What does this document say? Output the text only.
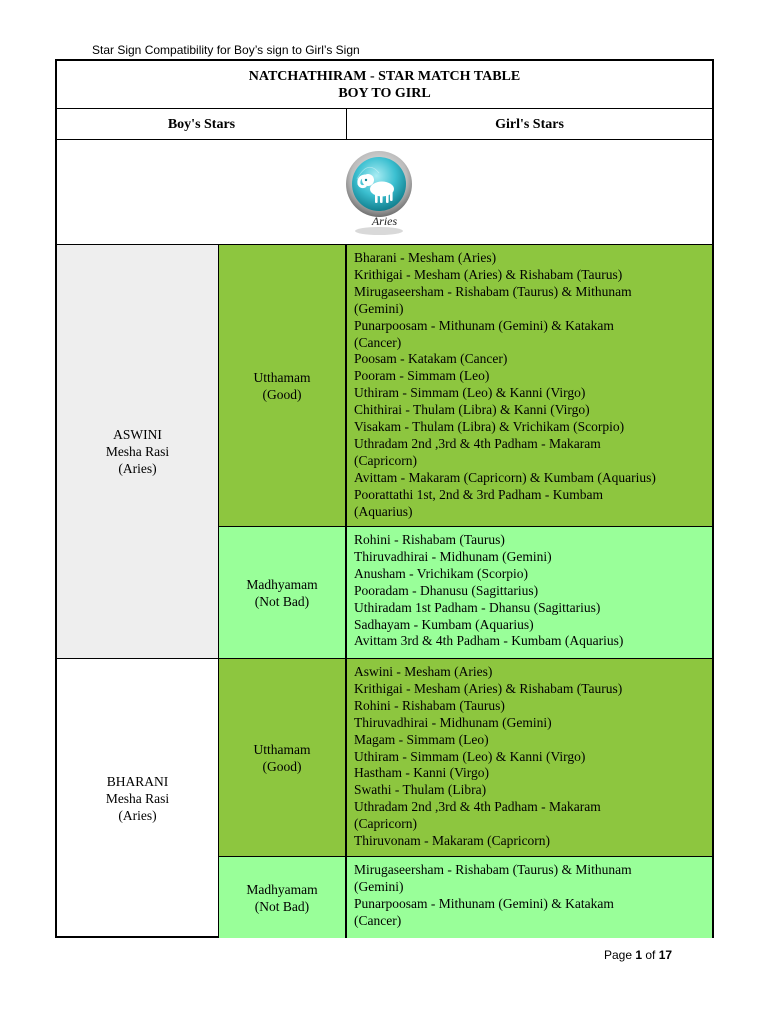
Star Sign Compatibility for Boy’s sign to Girl’s Sign
NATCHATHIRAM - STAR MATCH TABLE
BOY TO GIRL
Boy's Stars	Girl's Stars
Aries
ASWINI
Mesha Rasi
(Aries)
Utthamam
(Good)
Bharani - Mesham (Aries)
Krithigai - Mesham (Aries) & Rishabam (Taurus)
Mirugaseersham - Rishabam (Taurus) & Mithunam
(Gemini)
Punarpoosam - Mithunam (Gemini) & Katakam
(Cancer)
Poosam - Katakam (Cancer)
Pooram - Simmam (Leo)
Uthiram - Simmam (Leo) & Kanni (Virgo)
Chithirai - Thulam (Libra) & Kanni (Virgo)
Visakam - Thulam (Libra) & Vrichikam (Scorpio)
Uthradam 2nd ,3rd & 4th Padham - Makaram
(Capricorn)
Avittam - Makaram (Capricorn) & Kumbam (Aquarius)
Poorattathi 1st, 2nd & 3rd Padham - Kumbam
(Aquarius)
Madhyamam
(Not Bad)
Rohini - Rishabam (Taurus)
Thiruvadhirai - Midhunam (Gemini)
Anusham - Vrichikam (Scorpio)
Pooradam - Dhanusu (Sagittarius)
Uthiradam 1st Padham - Dhansu (Sagittarius)
Sadhayam - Kumbam (Aquarius)
Avittam 3rd & 4th Padham - Kumbam (Aquarius)
BHARANI
Mesha Rasi
(Aries)
Utthamam
(Good)
Aswini - Mesham (Aries)
Krithigai - Mesham (Aries) & Rishabam (Taurus)
Rohini - Rishabam (Taurus)
Thiruvadhirai - Midhunam (Gemini)
Magam - Simmam (Leo)
Uthiram - Simmam (Leo) & Kanni (Virgo)
Hastham - Kanni (Virgo)
Swathi - Thulam (Libra)
Uthradam 2nd ,3rd & 4th Padham - Makaram
(Capricorn)
Thiruvonam - Makaram (Capricorn)
Madhyamam
(Not Bad)
Mirugaseersham - Rishabam (Taurus) & Mithunam
(Gemini)
Punarpoosam - Mithunam (Gemini) & Katakam
(Cancer)
Page 1 of 17
